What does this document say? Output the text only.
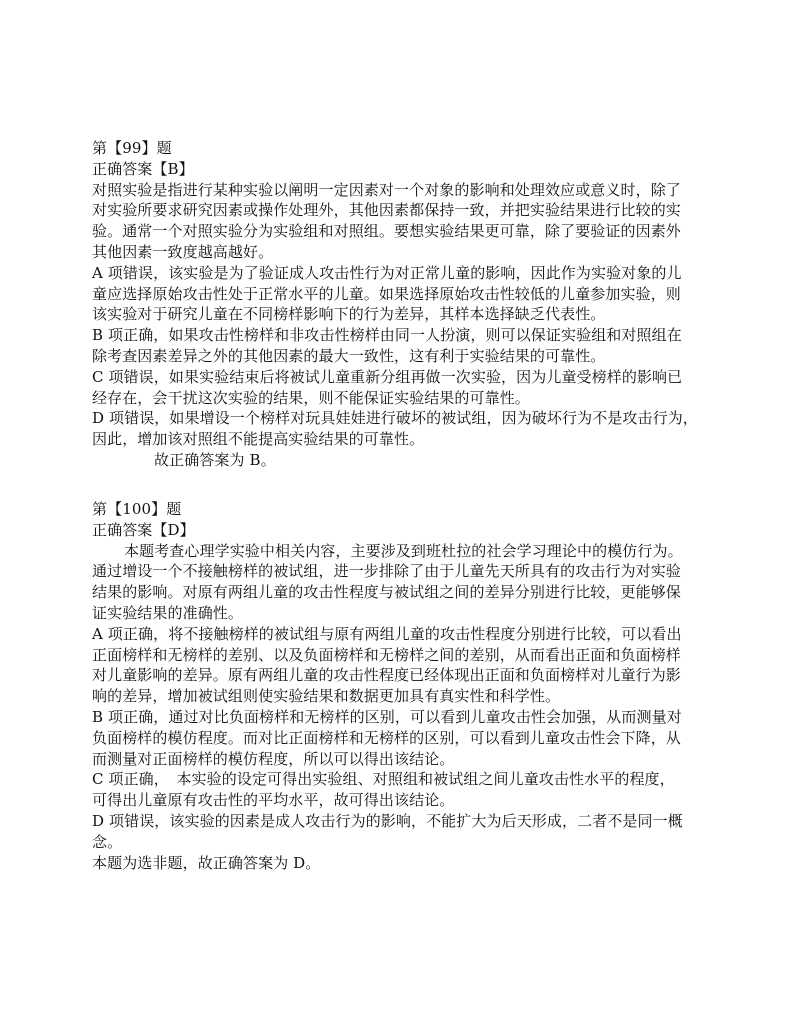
第【99】题
正确答案【B】
对照实验是指进行某种实验以阐明一定因素对一个对象的影响和处理效应或意义时，除了
对实验所要求研究因素或操作处理外，其他因素都保持一致，并把实验结果进行比较的实
验。通常一个对照实验分为实验组和对照组。要想实验结果更可靠，除了要验证的因素外
其他因素一致度越高越好。
A 项错误，该实验是为了验证成人攻击性行为对正常儿童的影响，因此作为实验对象的儿
童应选择原始攻击性处于正常水平的儿童。如果选择原始攻击性较低的儿童参加实验，则
该实验对于研究儿童在不同榜样影响下的行为差异，其样本选择缺乏代表性。
B 项正确，如果攻击性榜样和非攻击性榜样由同一人扮演，则可以保证实验组和对照组在
除考查因素差异之外的其他因素的最大一致性，这有利于实验结果的可靠性。
C 项错误，如果实验结束后将被试儿童重新分组再做一次实验，因为儿童受榜样的影响已
经存在，会干扰这次实验的结果，则不能保证实验结果的可靠性。
D 项错误，如果增设一个榜样对玩具娃娃进行破坏的被试组，因为破坏行为不是攻击行为，
因此，增加该对照组不能提高实验结果的可靠性。
故正确答案为 B。
第【100】题
正确答案【D】
本题考查心理学实验中相关内容，主要涉及到班杜拉的社会学习理论中的模仿行为。
通过增设一个不接触榜样的被试组，进一步排除了由于儿童先天所具有的攻击行为对实验
结果的影响。对原有两组儿童的攻击性程度与被试组之间的差异分别进行比较，更能够保
证实验结果的准确性。
A 项正确，将不接触榜样的被试组与原有两组儿童的攻击性程度分别进行比较，可以看出
正面榜样和无榜样的差别、以及负面榜样和无榜样之间的差别，从而看出正面和负面榜样
对儿童影响的差异。原有两组儿童的攻击性程度已经体现出正面和负面榜样对儿童行为影
响的差异，增加被试组则使实验结果和数据更加具有真实性和科学性。
B 项正确，通过对比负面榜样和无榜样的区别，可以看到儿童攻击性会加强，从而测量对
负面榜样的模仿程度。而对比正面榜样和无榜样的区别，可以看到儿童攻击性会下降，从
而测量对正面榜样的模仿程度，所以可以得出该结论。
C 项正确，　本实验的设定可得出实验组、对照组和被试组之间儿童攻击性水平的程度，
可得出儿童原有攻击性的平均水平，故可得出该结论。
D 项错误，该实验的因素是成人攻击行为的影响，不能扩大为后天形成，二者不是同一概
念。
本题为选非题，故正确答案为 D。
